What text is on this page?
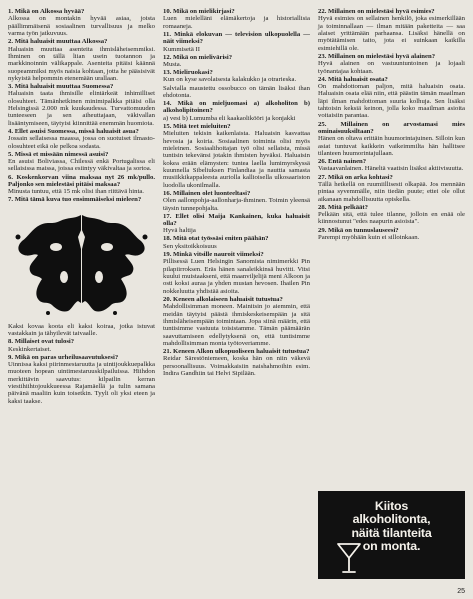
1. Mikä on Alkossa hyvää?

Alkossa on montakin hyvää asiaa, joista päällimmäisenä sosiaalinen turvallisuus ja melko varma työn jatkuvuus.

2. Mitä haluaisit muuttaa Alkossa?

Haluaisin muuttaa asenteita ihmisläheisemmiksi. Ihminen on tällä liian usein tuotannon ja markkinoinnin välikappale. Asenteita pitäisi käännä suopeammiksi myös naisia kohtaan, jotta he pääsisivät nykyistä helpommin etenemään urallaan.

3. Mitä haluaisit muuttaa Suomessa?

Haluaisin taata ihmisille elintärkeät inhimilliset olosuhteet. Tämänhetkinen minimipalkka pitäisi olla Helsingissä 2.000 mk kuukaudessa. Turvattomuuden tunteeseen ja sen aiheuttajaan, väkivallan lisääntymiseen, täytyisi kiinnittää enemmän huomiota.

4. Ellet asuisi Suomessa, missä haluaisit asua?

Jossain sellaisessa maassa, jossa on suotuiset ilmasto-olosuhteet eikä ole pelkoa sodasta.

5. Missä et missään nimessä asuisi?

En asuisi Boliviassa, Chilessä enkä Portugalissa eli sellaisissa maissa, joissa esiintyy väkivaltaa ja sortoa.

6. Koskenkorvan viina maksaa nyt 26 mk/pullo. Paljonko sen mielestäsi pitäisi maksaa?

Minusta tuntuu, että 15 mk olisi ihan riittävä hinta.

7. Mitä tämä kuva tuo ensimmäiseksi mieleen?

Kaksi kovaa koota eli kaksi koiraa, jotka istuvat vastakkain ja tähyilevät taivaalle.

8. Millaiset ovat tulosi?

Keskinkertaiset.

9. Mikä on paras urheilusaavutuksesi?

Uinnissa kaksi piirinmestaruutta ja uintijoukkuepalkka muoteen hopean uintimestaruuskilpailuissa. Hiihdon merkittävin saavutus: kilpailin kerran viestihiihtojoukkueessa Rajamäellä ja tulin samana päivänä maaliin kuin toisetkin. Tyyli oli yksi eteen ja kaksi taakse.

10. Mikä on mielikirjasi?

Luen mielelläni elämäkertoja ja historiallisia romaaneja.

11. Minkä elokuvan — television ulkopuolella — näit viimeksi?

Kummisetä II

12. Mikä on mielivärisi?

Musta.

13. Mieliruokasi?

Kun on kyse savolaisesta kalakukko ja otrarieska.

Salvialla maustettu ossobucco on tämän lisäksi ihan ehdotonta.

14. Mikä on mieljuomasi a) alkoholiton b) alkoholipitoinen?

a) vesi b) Lumumba eli kaakaolikööri ja konjakki

15. Mitä teet mieluiten?

Mieluiten tekisin kaikenlaista. Haluaisin kasvattaa hevosia ja koiria. Sosiaalinen toiminta olisi myös mieleinen. Sosiaalihoitajan työ olisi sellaista, missä tuntisin tekevänsi jotakin ihmisten hyväksi. Haluaisin kokea erään elämysten: tuntea laella lumimyrskyssä kuunnella Sibeliuksen Finlandiaa ja nauttia samasta musiikkikappaleesta auriolla kallioisella ulkosaariston luodolla ukonilmalla.

16. Millainen olet luonteeltasi?

Olen aallonpohja-aallonharja-ihminen. Toimin yleensä täysin tunnepohjalta.

17. Ellet olisi Maija Kankainen, kuka haluaisit olla?

Hyvä haltija

18. Mitä otat työssäsi eniten päähän?

Sen yksitoikkoisuus

19. Minkä vitsille nauroit viimeksi?

Pillisessä Luen Helsingin Sanomista nimimerkki Pin pilapiirroksen. Eräs hänen sanaleikkinsä huvitti. Vitsi kuului muistaakseni, että maanviljelijä meni Alkoon ja osti koksi auraa ja yhden mustan hevosen. Ihailen Pin nokkeluutta yhdistää asioita.

20. Keneen alkolaiseen haluaisit tutustua?

Mahdollisimman moneen. Mainitsin jo aiemmin, että meidän täytyisi päästä ihmiskeskeisempään ja sitä ihmisläheisempään toimintaan. Jopa siinä määrin, että tuntisimme vastuuta toisistamme. Tämän päämäärän saavuttamiseen edellytyksenä on, että tuntisimme mahdollisimman monta työtoveriamme.

21. Keneen Alkon ulkopuoliseen haluaisit tutustua?

Reidar Särestöniemeen, koska hän on niin väkevä persoonallisuus. Voimakkaisiin naishahmoihin esim. Indira Gandhiin tai Helvi Sipilään.

22. Millainen on mielestäsi hyvä esimies?

Hyvä esimies on sellainen henkilö, joka esimerkillään ja toiminnallaan — ilman mitään paketteita — saa alaiset yrittämään parhaansa. Lisäksi hänellä on myötätämisen taito, jota ei suinkaan kaikilla esimiehillä ole.

23. Millainen on mielestäsi hyvä alainen?

Hyvä alainen on vastuuntuntoinen ja lojaali työnantajaa kohtaan.

24. Mitä haluaisit osata?

On mahdottoman paljon, mitä haluaisin osata. Haluaisin osata elää niin, että päästin tämän maailman läpi ilman mahdottoman suuria kolhuja. Sen lisäksi tahtoisin keksiä keinon, jolla koko maailman asioita voitaisiin parantaa.

25. Millainen on arvostamasi mies ominaisuuksiltaan?

Hänen on oltava erittäin huumorintajuinen. Silloin kun asiat tuntuvat kaikkein vaikeimmilta hän hallitsee tilanteen huumorintajullaan.

26. Entä nainen?

Vastaavanlainen. Häneltä vaatisin lisäksi aktiivisuutta.

27. Mikä on arka kohtasi?

Tällä hetkellä on ruumiillisesti olkapää. Jos mennään pintaa syvemmälle, niin tiedän puute; ettei ole ollut aikanaan mahdollisuutta opiskella.

28. Mitä pelkäät?

Pelkään sitä, että tulee tilanne, jolloin en enää ole kiinnostunut "edes naapurin asioista".

29. Mikä on tunnuslauseesi?

Parempi myöhään kuin ei silloinkaan.

Kiitos
alkoholitonta,
näitä tilanteita
on monta.
25
